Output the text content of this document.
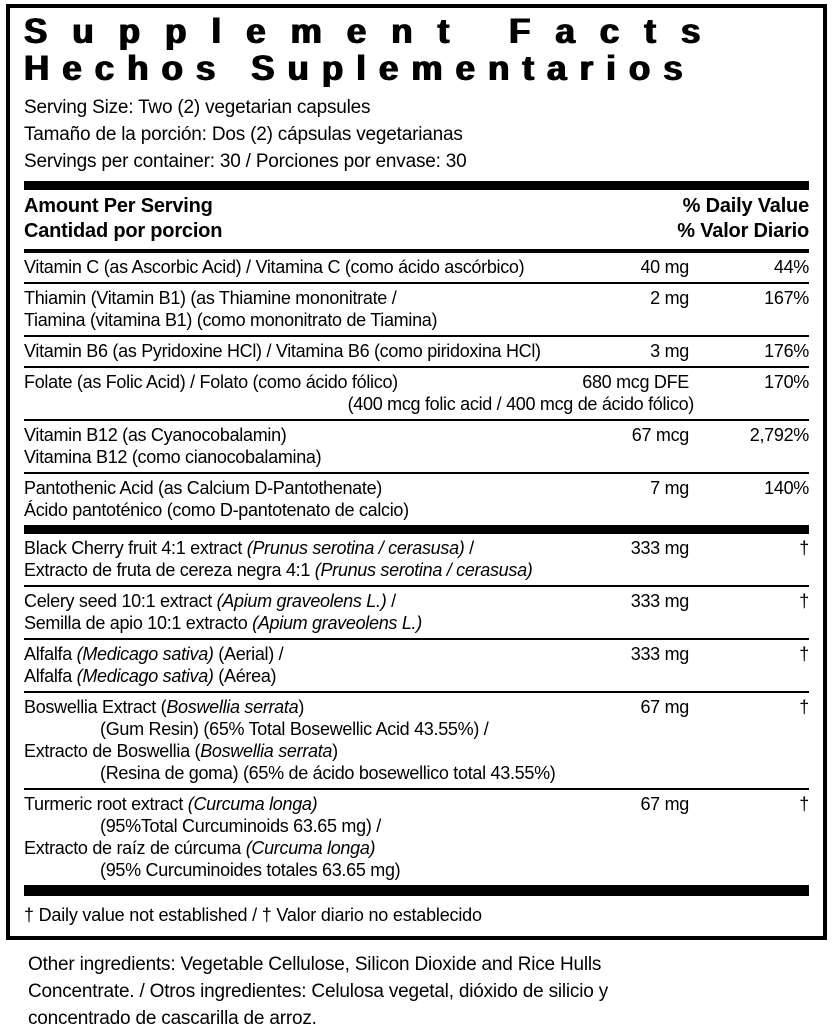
Supplement Facts
Hechos Suplementarios
Serving Size: Two (2) vegetarian capsules
Tamaño de la porción: Dos (2) cápsulas vegetarianas
Servings per container: 30 / Porciones por envase: 30
Amount Per Serving
Cantidad por porcion
% Daily Value
% Valor Diario
Vitamin C (as Ascorbic Acid) / Vitamina C (como ácido ascórbico)	40 mg	44%
Thiamin (Vitamin B1) (as Thiamine mononitrate /
Tiamina (vitamina B1) (como mononitrato de Tiamina)
2 mg	167%
Vitamin B6 (as Pyridoxine HCl) / Vitamina B6 (como piridoxina HCl)	3 mg	176%
Folate (as Folic Acid) / Folato (como ácido fólico)
(400 mcg folic acid / 400 mcg de ácido fólico)
680 mcg DFE	170%
Vitamin B12 (as Cyanocobalamin)
Vitamina B12 (como cianocobalamina)
67 mcg	2,792%
Pantothenic Acid (as Calcium D-Pantothenate)
Ácido pantoténico (como D-pantotenato de calcio)
7 mg	140%
Black Cherry fruit 4:1 extract (Prunus serotina / cerasusa) /
Extracto de fruta de cereza negra 4:1 (Prunus serotina / cerasusa)
333 mg	†
Celery seed 10:1 extract (Apium graveolens L.) /
Semilla de apio 10:1 extracto (Apium graveolens L.)
333 mg	†
Alfalfa (Medicago sativa) (Aerial) /
Alfalfa (Medicago sativa) (Aérea)
333 mg	†
Boswellia Extract (Boswellia serrata)
(Gum Resin) (65% Total Bosewellic Acid 43.55%) /
Extracto de Boswellia (Boswellia serrata)
(Resina de goma) (65% de ácido bosewellico total 43.55%)
67 mg	†
Turmeric root extract (Curcuma longa)
(95%Total Curcuminoids 63.65 mg) /
Extracto de raíz de cúrcuma (Curcuma longa)
(95% Curcuminoides totales 63.65 mg)
67 mg	†
† Daily value not established / † Valor diario no establecido

Other ingredients: Vegetable Cellulose, Silicon Dioxide and Rice Hulls Concentrate. / Otros ingredientes: Celulosa vegetal, dióxido de silicio y concentrado de cascarilla de arroz.
